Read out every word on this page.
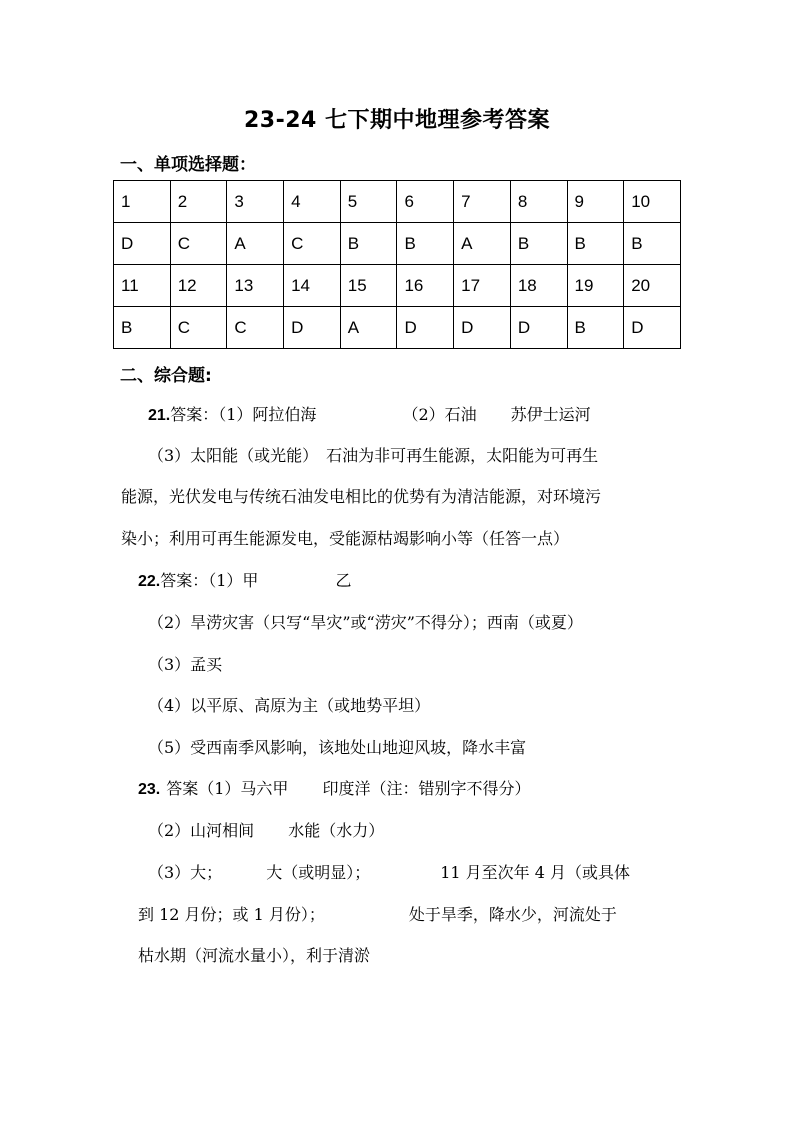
23-24 七下期中地理参考答案
一、单项选择题：
1	2	3	4	5	6	7	8	9	10
D	C	A	C	B	B	A	B	B	B
11	12	13	14	15	16	17	18	19	20
B	C	C	D	A	D	D	D	B	D
二、综合题:
21.答案：（1）阿拉伯海	（2）石油 苏伊士运河
（3）太阳能（或光能）　石油为非可再生能源，太阳能为可再生
能源，光伏发电与传统石油发电相比的优势有为清洁能源，对环境污
染小；利用可再生能源发电，受能源枯竭影响小等（任答一点）
22.答案：（1）甲	乙
（2）旱涝灾害（只写“旱灾”或“涝灾”不得分）；西南（或夏）
（3）孟买
（4）以平原、高原为主（或地势平坦）
（5）受西南季风影响，该地处山地迎风坡，降水丰富
23. 答案（1）马六甲 印度洋（注：错别字不得分）
（2）山河相间 水能（水力）
（3）大；	大（或明显）；	11 月至次年 4 月（或具体
到 12 月份；或 1 月份）；	处于旱季，降水少，河流处于
枯水期（河流水量小），利于清淤
